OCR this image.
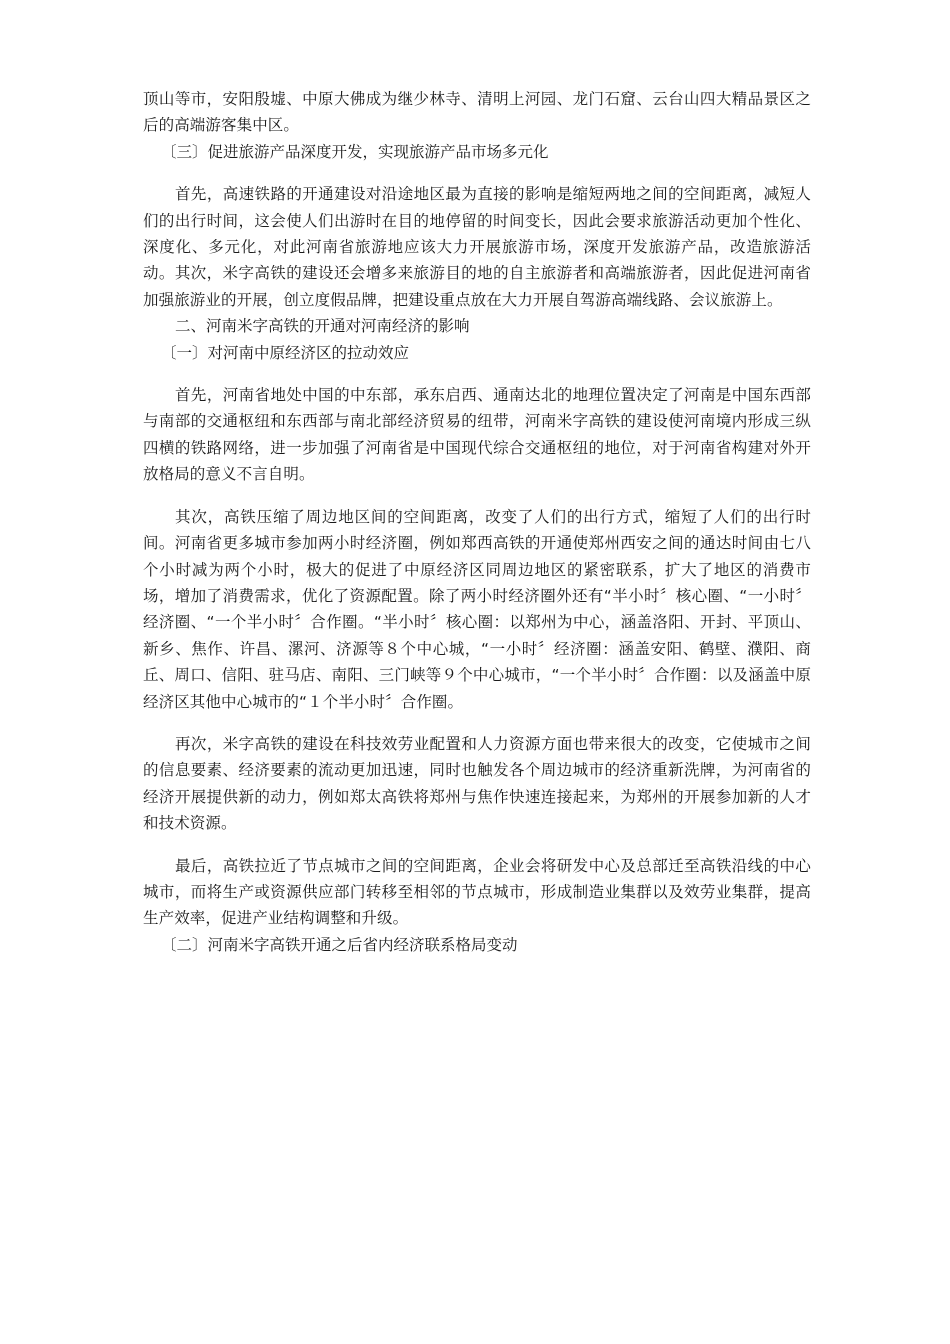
顶山等市，安阳殷墟、中原大佛成为继少林寺、清明上河园、龙门石窟、云台山四大精品景区之后的高端游客集中区。

〔三〕促进旅游产品深度开发，实现旅游产品市场多元化

首先，高速铁路的开通建设对沿途地区最为直接的影响是缩短两地之间的空间距离，减短人们的出行时间，这会使人们出游时在目的地停留的时间变长，因此会要求旅游活动更加个性化、深度化、多元化，对此河南省旅游地应该大力开展旅游市场，深度开发旅游产品，改造旅游活动。其次，米字高铁的建设还会增多来旅游目的地的自主旅游者和高端旅游者，因此促进河南省加强旅游业的开展，创立度假品牌，把建设重点放在大力开展自驾游高端线路、会议旅游上。

二、河南米字高铁的开通对河南经济的影响

〔一〕对河南中原经济区的拉动效应

首先，河南省地处中国的中东部，承东启西、通南达北的地理位置决定了河南是中国东西部与南部的交通枢纽和东西部与南北部经济贸易的纽带，河南米字高铁的建设使河南境内形成三纵四横的铁路网络，进一步加强了河南省是中国现代综合交通枢纽的地位，对于河南省构建对外开放格局的意义不言自明。

其次，高铁压缩了周边地区间的空间距离，改变了人们的出行方式，缩短了人们的出行时间。河南省更多城市参加两小时经济圈，例如郑西高铁的开通使郑州西安之间的通达时间由七八个小时减为两个小时，极大的促进了中原经济区同周边地区的紧密联系，扩大了地区的消费市场，增加了消费需求，优化了资源配置。除了两小时经济圈外还有“半小时〞核心圈、“一小时〞经济圈、“一个半小时〞合作圈。“半小时〞核心圈：以郑州为中心，涵盖洛阳、开封、平顶山、新乡、焦作、许昌、漯河、济源等８个中心城，“一小时〞经济圈：涵盖安阳、鹤壁、濮阳、商丘、周口、信阳、驻马店、南阳、三门峡等９个中心城市，“一个半小时〞合作圈：以及涵盖中原经济区其他中心城市的“１个半小时〞合作圈。

再次，米字高铁的建设在科技效劳业配置和人力资源方面也带来很大的改变，它使城市之间的信息要素、经济要素的流动更加迅速，同时也触发各个周边城市的经济重新洗牌，为河南省的经济开展提供新的动力，例如郑太高铁将郑州与焦作快速连接起来，为郑州的开展参加新的人才和技术资源。

最后，高铁拉近了节点城市之间的空间距离，企业会将研发中心及总部迁至高铁沿线的中心城市，而将生产或资源供应部门转移至相邻的节点城市，形成制造业集群以及效劳业集群，提高生产效率，促进产业结构调整和升级。

〔二〕河南米字高铁开通之后省内经济联系格局变动
